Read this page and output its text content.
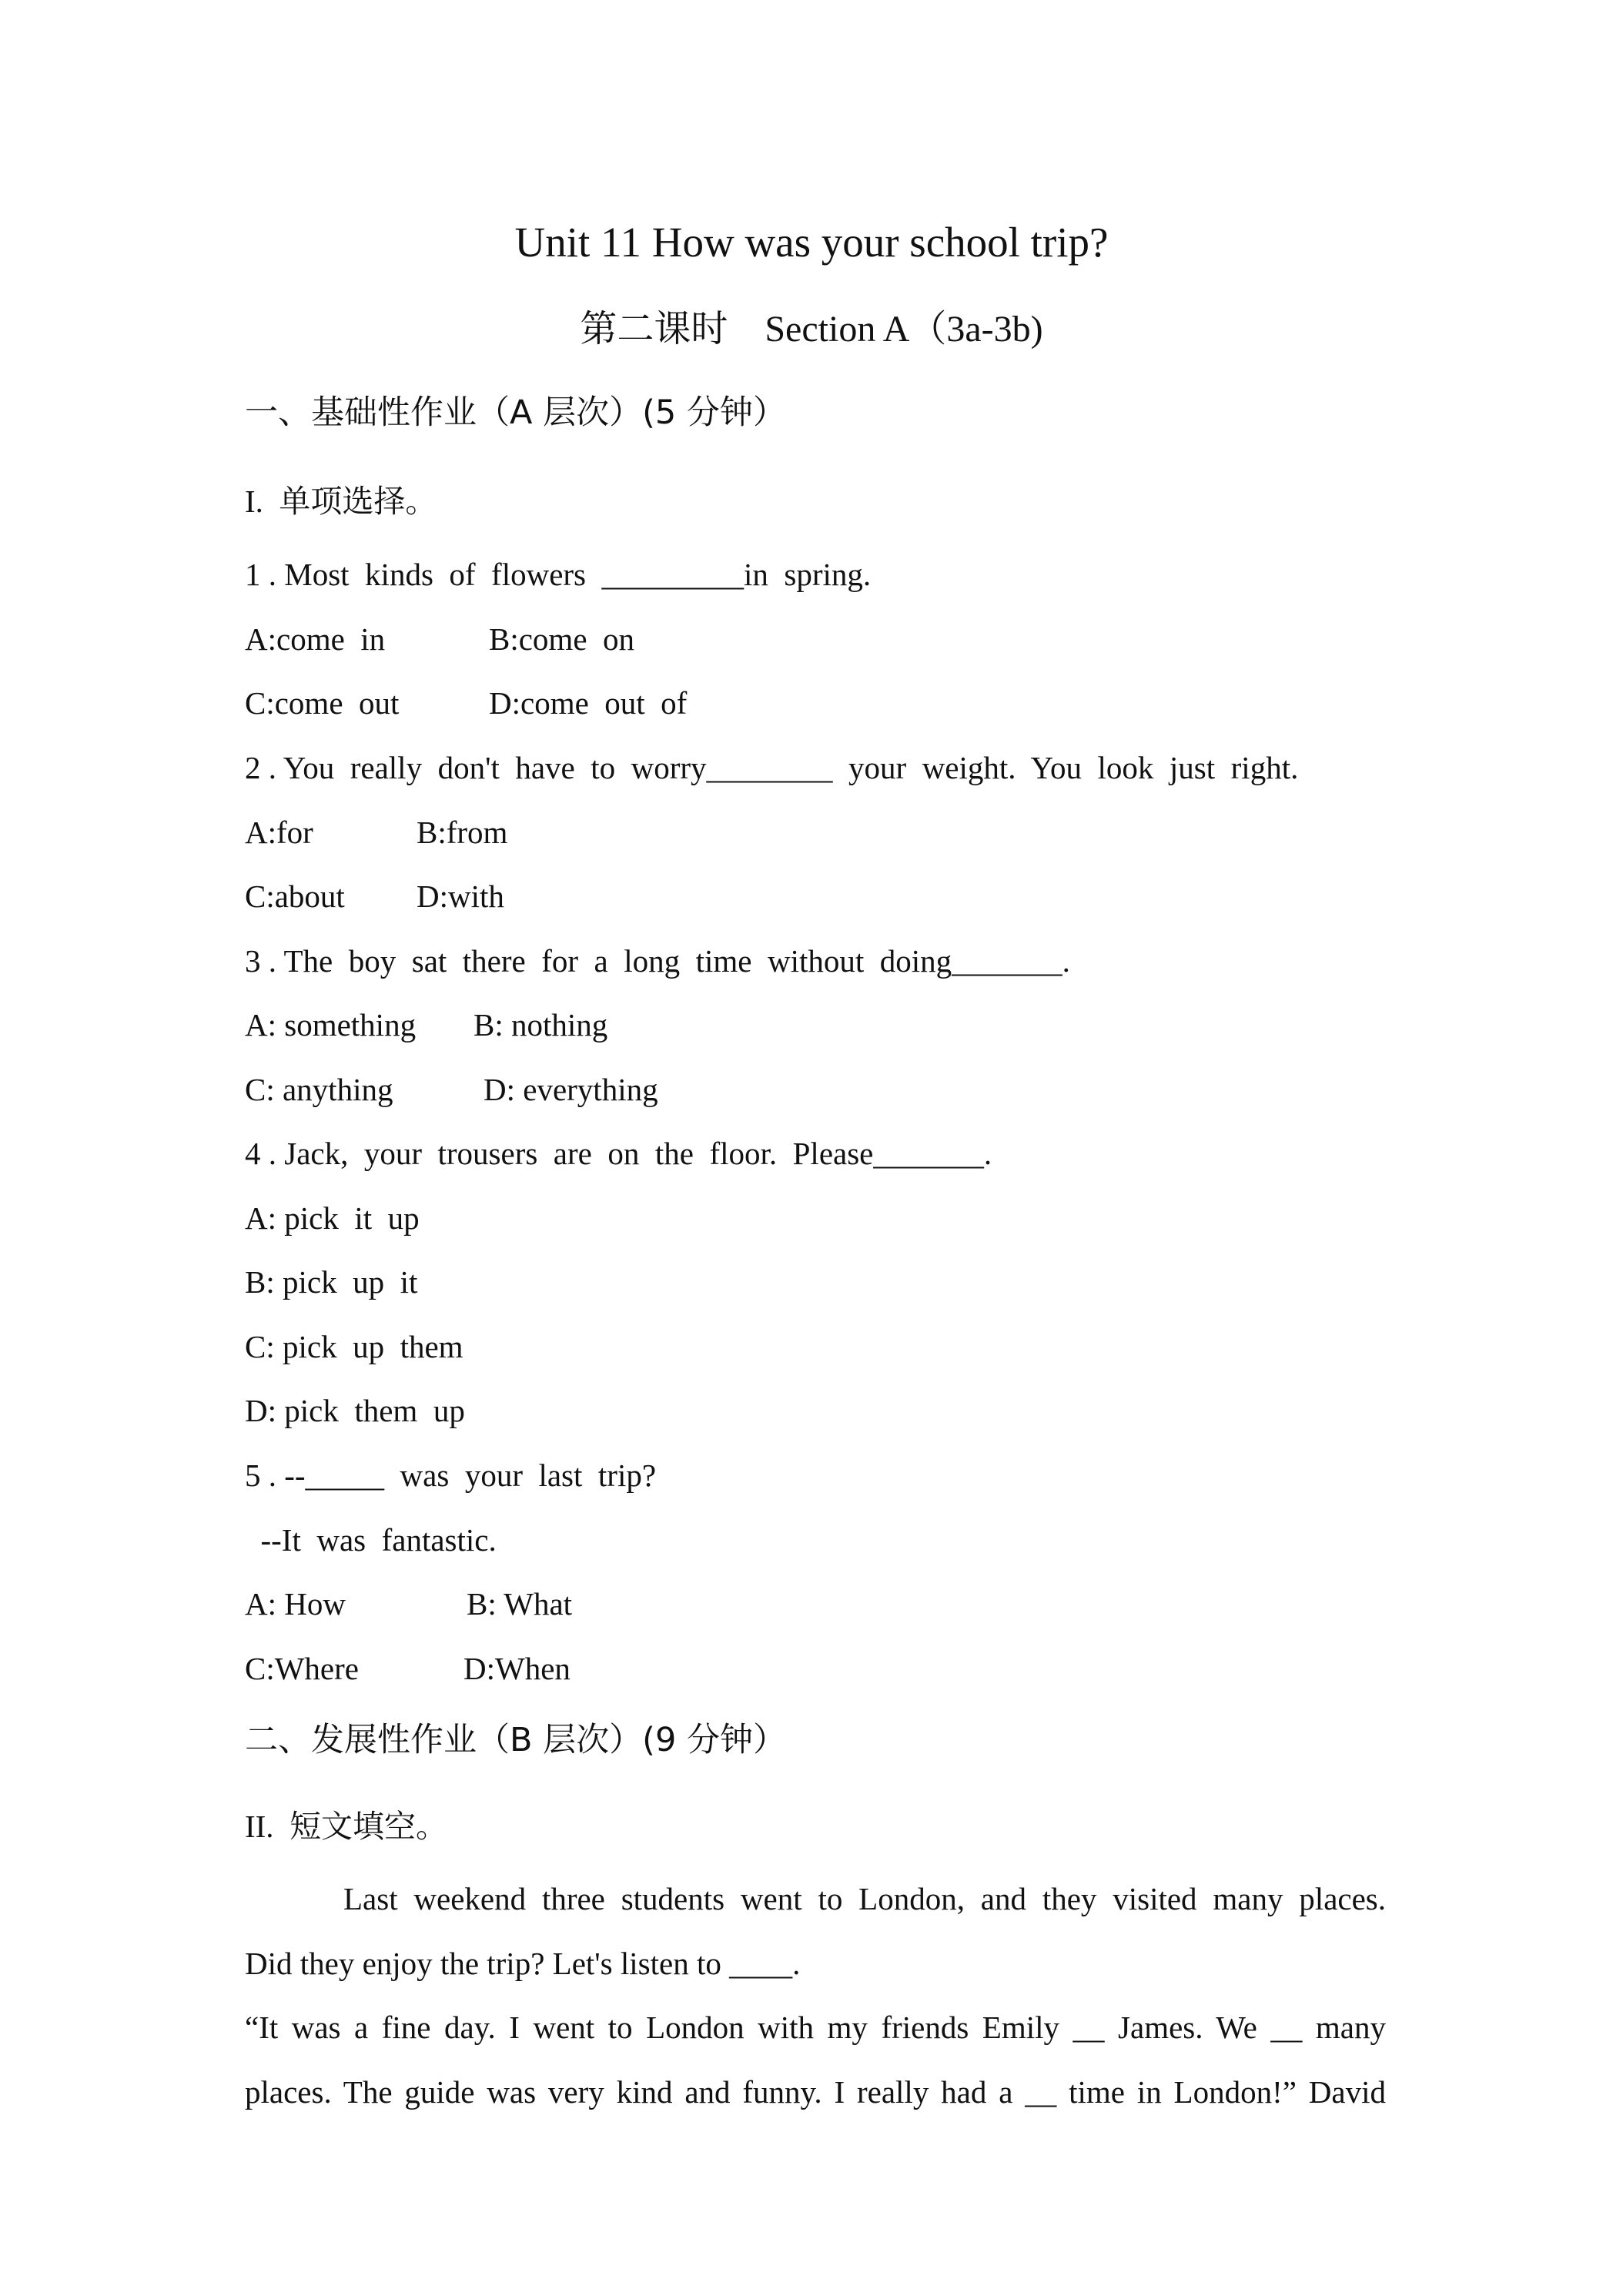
Unit 11 How was your school trip?

第二课时 Section A（3a-3b)

一、基础性作业（A 层次）(5 分钟）

I. 单项选择。

1 . Most  kinds  of  flowers  _________in  spring.

A:come  in	B:come  on

C:come  out	D:come  out  of

2 . You  really  don't  have  to  worry________  your  weight.  You  look  just  right.

A:for	B:from

C:about D:with

3 . The  boy  sat  there  for  a  long  time  without  doing_______.

A: something B: nothing

C: anything	D: everything

4 . Jack,  your  trousers  are  on  the  floor.  Please_______.

A: pick  it  up

B: pick  up  it

C: pick  up  them

D: pick  them  up

5 . --_____  was  your  last  trip?

--It  was  fantastic.

A: How	B: What

C:Where	D:When

二、发展性作业（B 层次）(9 分钟）

II. 短文填空。

Last weekend three students went to London, and they visited many places.

Did they enjoy the trip? Let's listen to ____.

“It was a fine day. I went to London with my friends Emily __ James. We __ many

places. The guide was very kind and funny. I really had a __ time in London!” David
